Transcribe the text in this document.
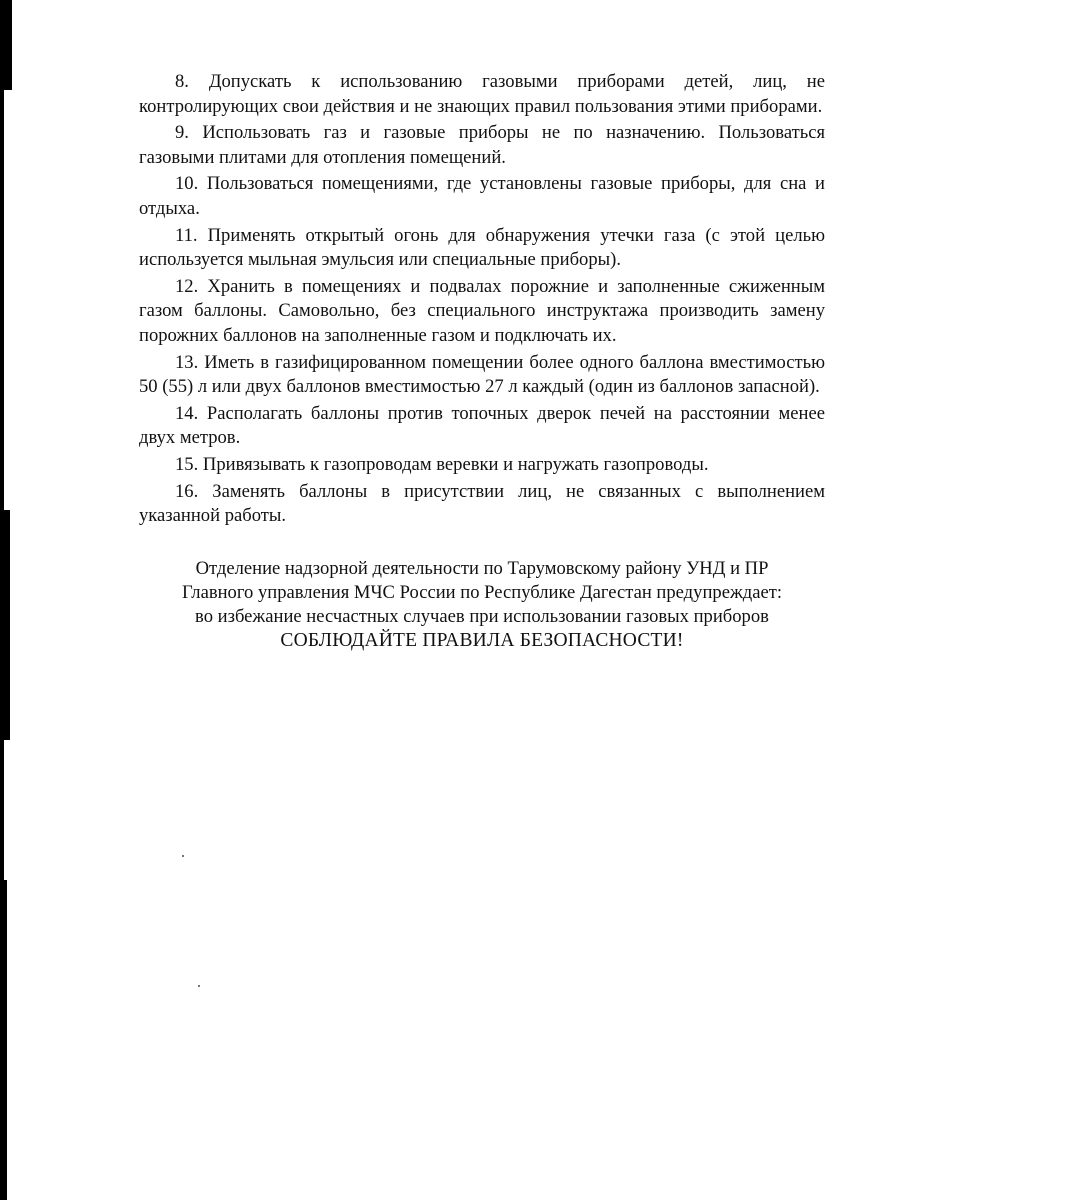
8. Допускать к использованию газовыми приборами детей, лиц, не контролирующих свои действия и не знающих правил пользования этими приборами.

9. Использовать газ и газовые приборы не по назначению. Пользоваться газовыми плитами для отопления помещений.

10. Пользоваться помещениями, где установлены газовые приборы, для сна и отдыха.

11. Применять открытый огонь для обнаружения утечки газа (с этой целью используется мыльная эмульсия или специальные приборы).

12. Хранить в помещениях и подвалах порожние и заполненные сжиженным газом баллоны. Самовольно, без специального инструктажа производить замену порожних баллонов на заполненные газом и подключать их.

13. Иметь в газифицированном помещении более одного баллона вместимостью 50 (55) л или двух баллонов вместимостью 27 л каждый (один из баллонов запасной).

14. Располагать баллоны против топочных дверок печей на расстоянии менее двух метров.

15. Привязывать к газопроводам веревки и нагружать газопроводы.

16. Заменять баллоны в присутствии лиц, не связанных с выполнением указанной работы.

Отделение надзорной деятельности по Тарумовскому району УНД и ПР
Главного управления МЧС России по Республике Дагестан предупреждает:
во избежание несчастных случаев при использовании газовых приборов
СОБЛЮДАЙТЕ ПРАВИЛА БЕЗОПАСНОСТИ!
